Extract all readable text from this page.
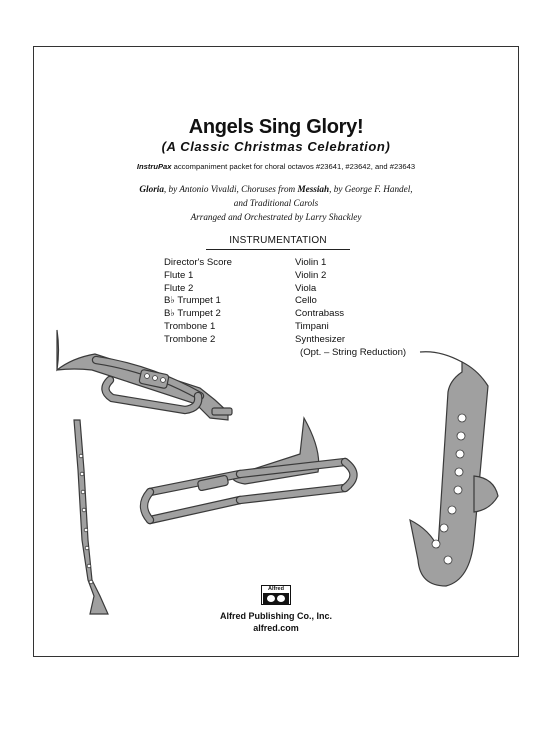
Angels Sing Glory!
(A Classic Christmas Celebration)
InstruPax accompaniment packet for choral octavos #23641, #23642, and #23643
Gloria, by Antonio Vivaldi, Choruses from Messiah, by George F. Handel,
and Traditional Carols
Arranged and Orchestrated by Larry Shackley
INSTRUMENTATION
Director's Score
Flute 1
Flute 2
B♭ Trumpet 1
B♭ Trumpet 2
Trombone 1
Trombone 2
Violin 1
Violin 2
Viola
Cello
Contrabass
Timpani
Synthesizer
(Opt. – String Reduction)
Alfred
Alfred Publishing Co., Inc.
alfred.com
